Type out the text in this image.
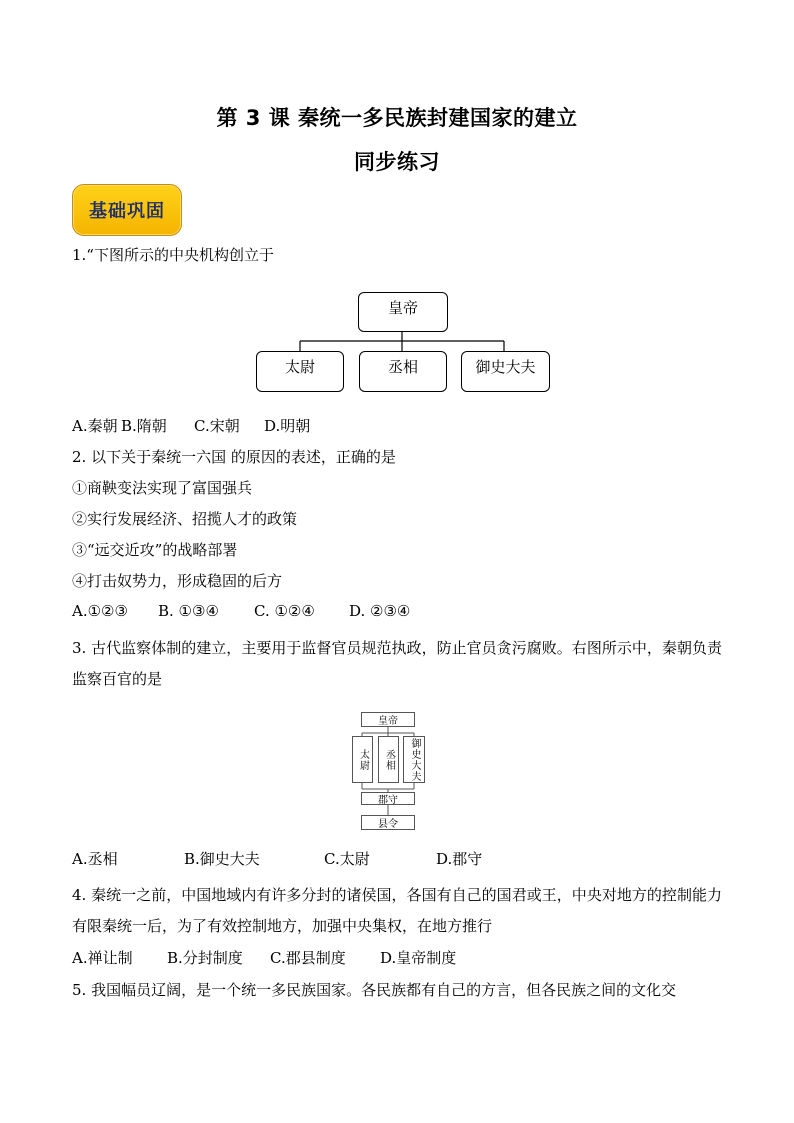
第 3 课 秦统一多民族封建国家的建立
同步练习
基础巩固
1.“下图所示的中央机构创立于
皇帝
太尉	丞相	御史大夫
A.秦朝 B.隋朝 C.宋朝 D.明朝
2. 以下关于秦统一六国 的原因的表述，正确的是
①商鞅变法实现了富国强兵
②实行发展经济、招揽人才的政策
③“远交近攻”的战略部署
④打击奴势力，形成稳固的后方
A.①②③ B. ①③④ C. ①②④ D. ②③④
3. 古代监察体制的建立，主要用于监督官员规范执政，防止官员贪污腐败。右图所示中，秦朝负责监察百官的是
皇帝
太尉	丞相	御史大夫
郡守
县令
A.丞相	B.御史大夫	C.太尉	D.郡守
4. 秦统一之前，中国地域内有许多分封的诸侯国，各国有自己的国君或王，中央对地方的控制能力有限秦统一后，为了有效控制地方，加强中央集权，在地方推行
A.禅让制 B.分封制度 C.郡县制度 D.皇帝制度
5. 我国幅员辽阔，是一个统一多民族国家。各民族都有自己的方言，但各民族之间的文化交
